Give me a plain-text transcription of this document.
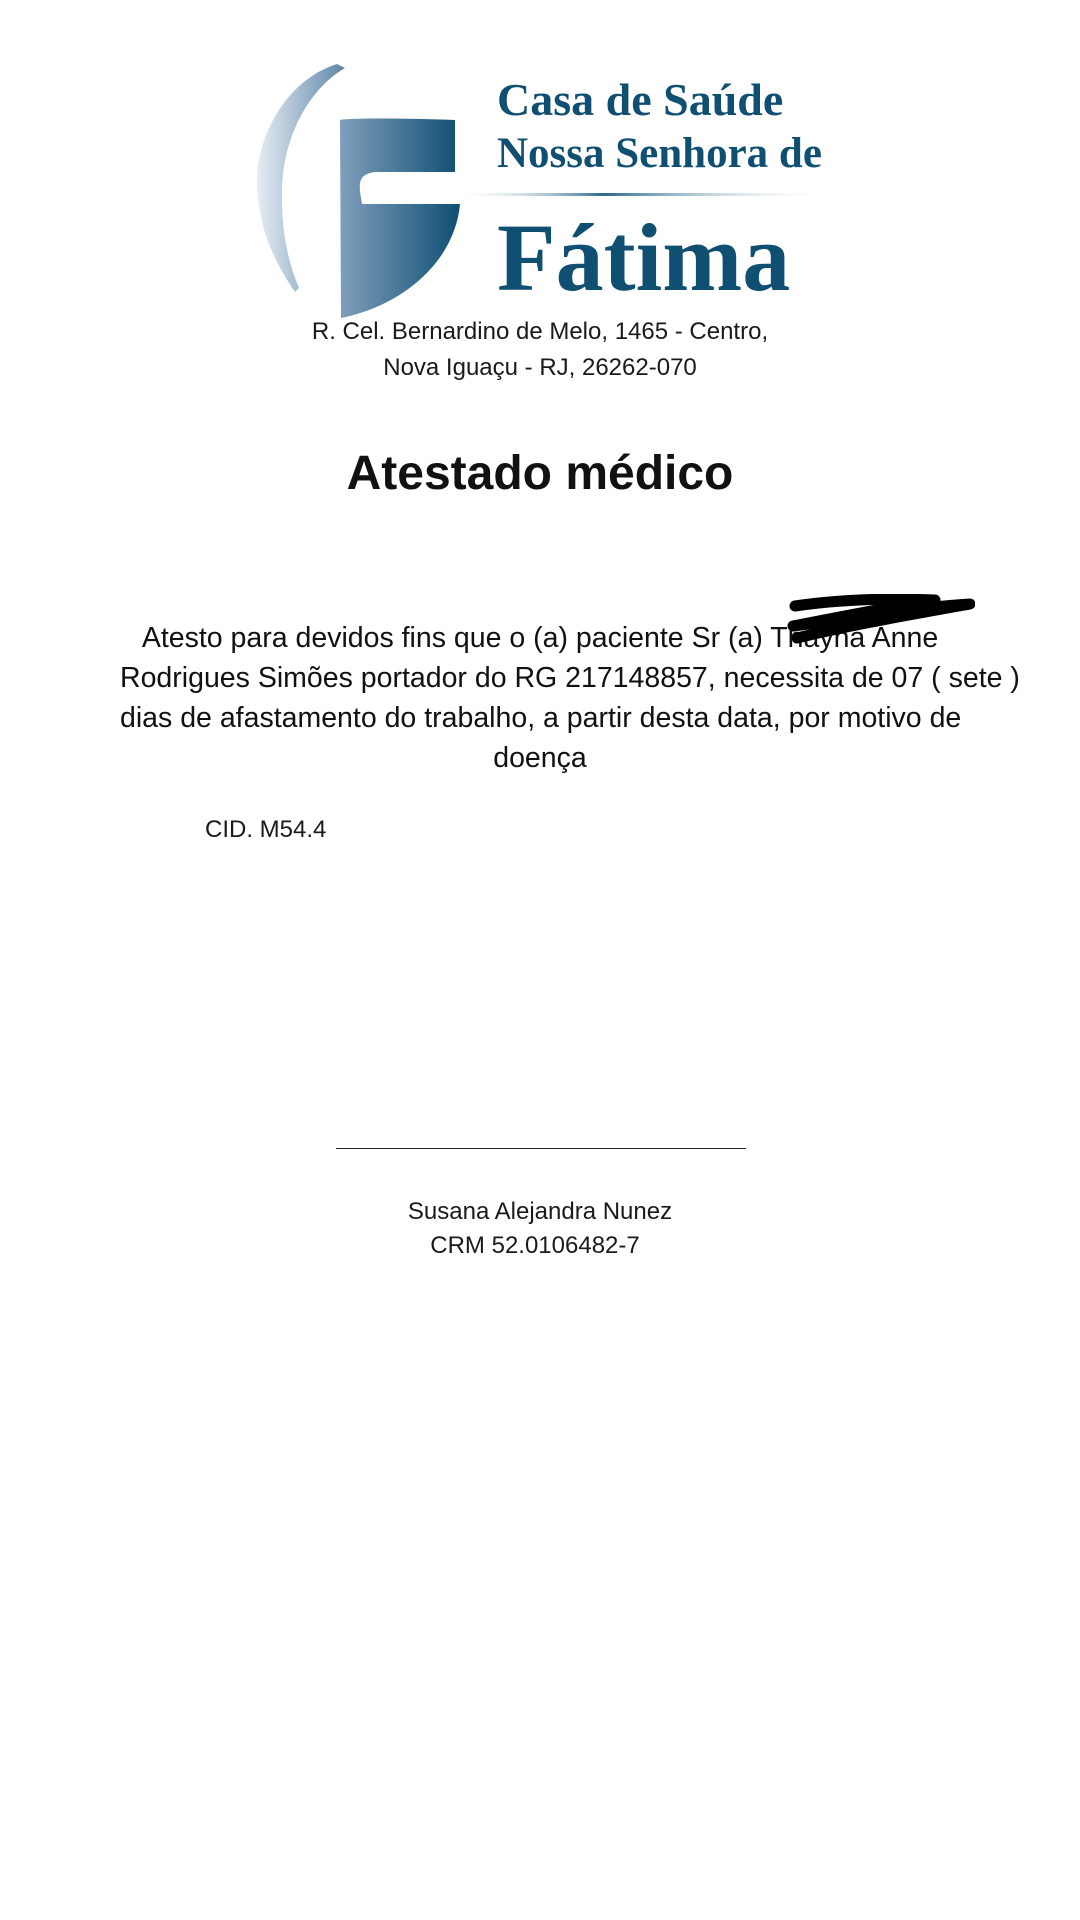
Casa de Saúde
Nossa Senhora de
Fátima
R. Cel. Bernardino de Melo, 1465 - Centro,
Nova Iguaçu - RJ, 26262-070
Atestado médico
Atesto para devidos fins que o (a) paciente Sr (a) Thayna Anne
Rodrigues Simões portador do RG 217148857, necessita de 07 ( sete )
dias de afastamento do trabalho, a partir desta data, por motivo de
doença
CID. M54.4
Susana Alejandra Nunez
CRM 52.0106482-7
